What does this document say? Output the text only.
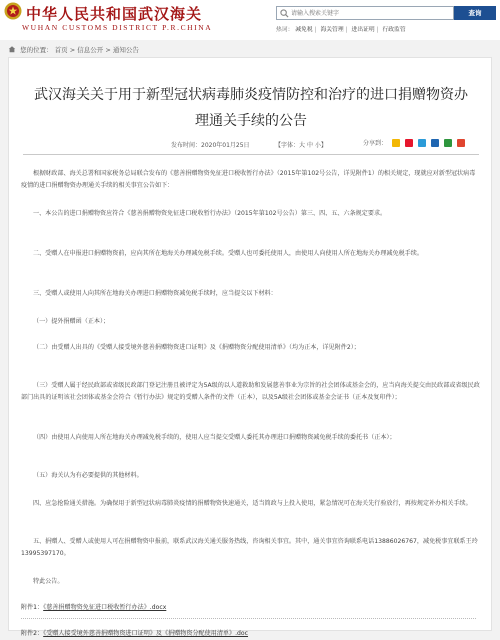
中华人民共和国武汉海关
WUHAN CUSTOMS DISTRICT P.R.CHINA
请输入搜索关键字
查询
热词： 减免税 | 海关管理 | 进出证明 | 行政监管
您的位置： 首页 > 信息公开 > 通知公告
武汉海关关于用于新型冠状病毒肺炎疫情防控和治疗的进口捐赠物资办理通关手续的公告
发布时间：2020年01月25日	【字体：大 中 小】	分享到：
根据财政部、海关总署和国家税务总局联合发布的《慈善捐赠物资免征进口税收暂行办法》（2015年第102号公告，详见附件1）的相关规定，现就应对新型冠状病毒疫情的进口捐赠物资办理通关手续的相关事宜公告如下：
一、本公告的进口捐赠物资应符合《慈善捐赠物资免征进口税收暂行办法》（2015年第102号公告）第三、四、五、六条规定要求。
二、受赠人在申报进口捐赠物资前，应向其所在地海关办理减免税手续。受赠人也可委托使用人，由使用人向使用人所在地海关办理减免税手续。
三、受赠人或使用人向其所在地海关办理进口捐赠物资减免税手续时，应当提交以下材料：
（一）提外捐赠函（正本）；
（二）由受赠人出具的《受赠人接受境外慈善捐赠物资进口证明》及《捐赠物资分配使用清单》（均为正本，详见附件2）；
（三）受赠人属于经民政部或省级民政部门登记注册且被评定为5A级的以人道救助和发展慈善事业为宗旨的社会团体或基金会的，应当向海关提交由民政部或省级民政部门出具的证明该社会团体或基金会符合《暂行办法》规定的受赠人条件的文件（正本），以及5A级社会团体或基金会证书（正本及复印件）；
（四）由使用人向使用人所在地海关办理减免税手续的，使用人应当提交受赠人委托其办理进口捐赠物资减免税手续的委托书（正本）；
（五）海关认为有必要提供的其他材料。
四、应急抢险通关措施。为确保用于新型冠状病毒肺炎疫情的捐赠物资快速通关，适当简政与上投入使用，紧急情况可在海关先行验放行，再按规定补办相关手续。
五、捐赠人、受赠人或使用人可在捐赠物资申报前，联系武汉海关通关服务热线，咨询相关事宜。其中，通关事宜咨询联系电话13886026767，减免税事宜联系王玲13995397170。
特此公告。
附件1：《慈善捐赠物资免征进口税收暂行办法》.docx
附件2：《受赠人接受境外慈善捐赠物资进口证明》及《捐赠物资分配使用清单》.doc
